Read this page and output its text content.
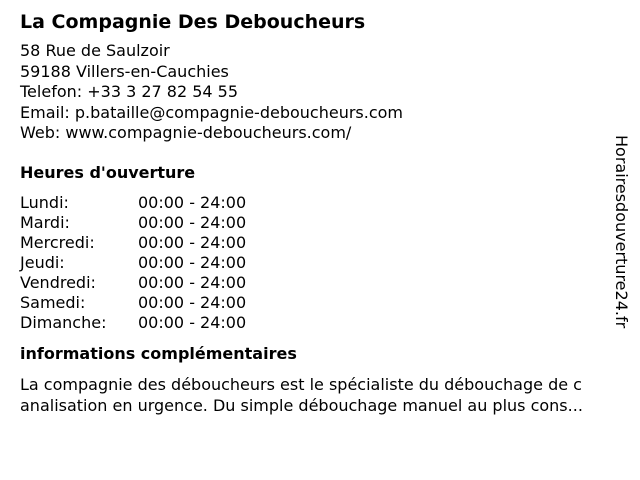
La Compagnie Des Deboucheurs
58 Rue de Saulzoir
59188 Villers-en-Cauchies
Telefon: +33 3 27 82 54 55
Email: p.bataille@compagnie-deboucheurs.com
Web: www.compagnie-deboucheurs.com/
Heures d'ouverture
Lundi:	00:00 - 24:00
Mardi:	00:00 - 24:00
Mercredi:	00:00 - 24:00
Jeudi:	00:00 - 24:00
Vendredi:	00:00 - 24:00
Samedi:	00:00 - 24:00
Dimanche:	00:00 - 24:00
informations complémentaires
La compagnie des déboucheurs est le spécialiste du débouchage de c
analisation en urgence. Du simple débouchage manuel au plus cons...
Horairesdouverture24.fr
